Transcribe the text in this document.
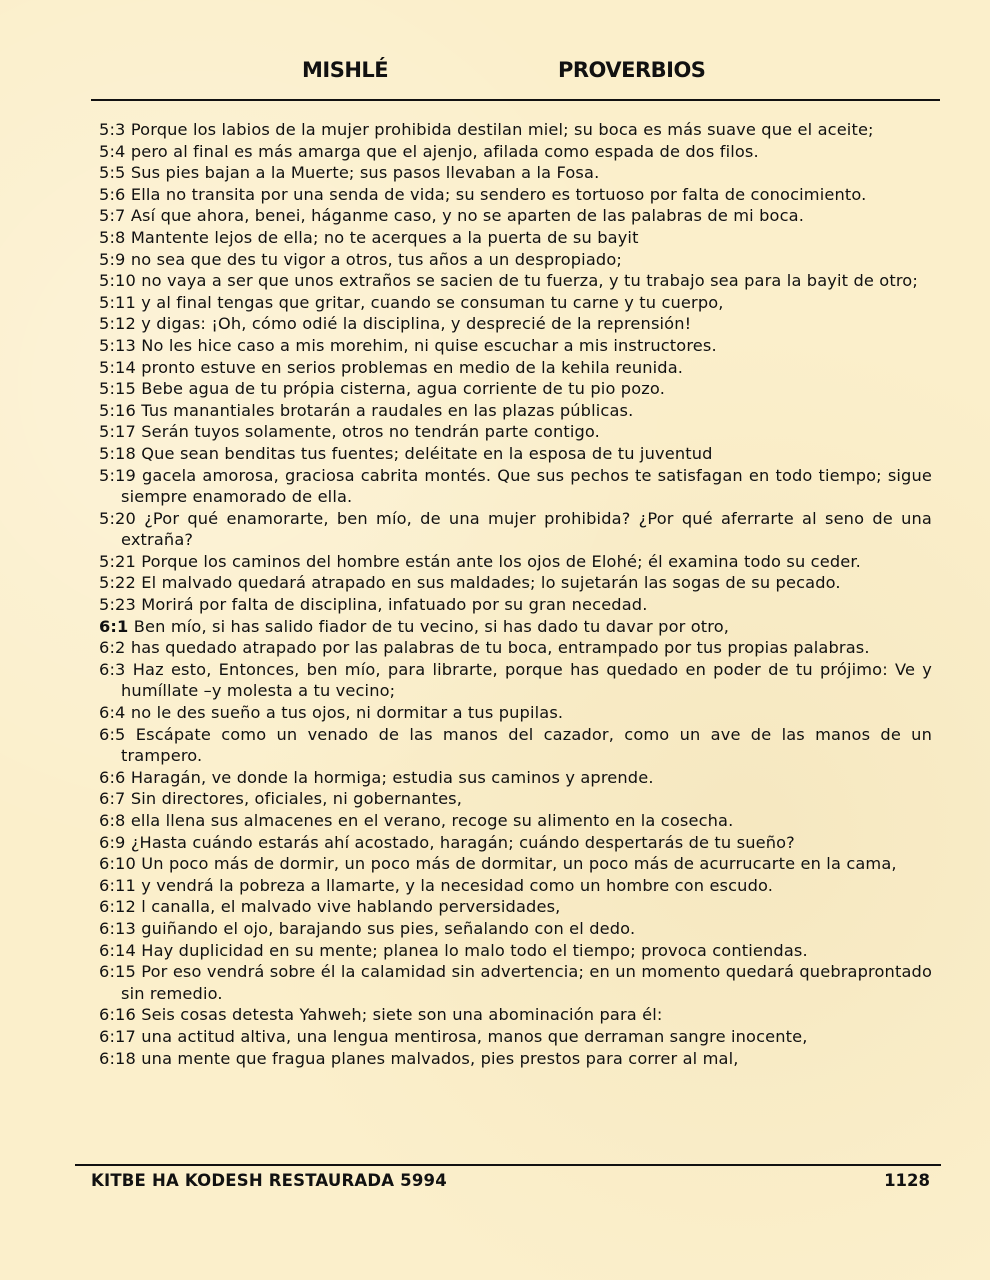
MISHLÉ	PROVERBIOS

5:3 Porque los labios de la mujer prohibida destilan miel; su boca es más suave que el aceite;

5:4 pero al final es más amarga que el ajenjo, afilada como espada de dos filos.

5:5 Sus pies bajan a la Muerte; sus pasos llevaban a la Fosa.

5:6 Ella no transita por una senda de vida; su sendero es tortuoso por falta de conocimiento.

5:7 Así que ahora, benei, háganme caso, y no se aparten de las palabras de mi boca.

5:8 Mantente lejos de ella; no te acerques a la puerta de su bayit

5:9 no sea que des tu vigor a otros, tus años a un despropiado;

5:10 no vaya a ser que unos extraños se sacien de tu fuerza, y tu trabajo sea para la bayit de otro;

5:11 y al final tengas que gritar, cuando se consuman tu carne y tu cuerpo,

5:12 y digas: ¡Oh, cómo odié la disciplina, y desprecié de la reprensión!

5:13 No les hice caso a mis morehim, ni quise escuchar a mis instructores.

5:14 pronto estuve en serios problemas en medio de la kehila reunida.

5:15 Bebe agua de tu própia cisterna, agua corriente de tu pio pozo.

5:16 Tus manantiales brotarán a raudales en las plazas públicas.

5:17 Serán tuyos solamente, otros no tendrán parte contigo.

5:18 Que sean benditas tus fuentes; deléitate en la esposa de tu juventud

5:19 gacela amorosa, graciosa cabrita montés. Que sus pechos te satisfagan en todo tiempo; sigue siempre enamorado de ella.

5:20 ¿Por qué enamorarte, ben mío, de una mujer prohibida? ¿Por qué aferrarte al seno de una extraña?

5:21 Porque los caminos del hombre están ante los ojos de Elohé; él examina todo su ceder.

5:22 El malvado quedará atrapado en sus maldades; lo sujetarán las sogas de su pecado.

5:23 Morirá por falta de disciplina, infatuado por su gran necedad.

6:1 Ben mío, si has salido fiador de tu vecino, si has dado tu davar por otro,

6:2 has quedado atrapado por las palabras de tu boca, entrampado por tus propias palabras.

6:3 Haz esto, Entonces, ben mío, para librarte, porque has quedado en poder de tu prójimo: Ve y humíllate –y molesta a tu vecino;

6:4 no le des sueño a tus ojos, ni dormitar a tus pupilas.

6:5 Escápate como un venado de las manos del cazador, como un ave de las manos de un trampero.

6:6 Haragán, ve donde la hormiga; estudia sus caminos y aprende.

6:7 Sin directores, oficiales, ni gobernantes,

6:8 ella llena sus almacenes en el verano, recoge su alimento en la cosecha.

6:9 ¿Hasta cuándo estarás ahí acostado, haragán; cuándo despertarás de tu sueño?

6:10 Un poco más de dormir, un poco más de dormitar, un poco más de acurrucarte en la cama,

6:11 y vendrá la pobreza a llamarte, y la necesidad como un hombre con escudo.

6:12 l canalla, el malvado vive hablando perversidades,

6:13 guiñando el ojo, barajando sus pies, señalando con el dedo.

6:14 Hay duplicidad en su mente; planea lo malo todo el tiempo; provoca contiendas.

6:15 Por eso vendrá sobre él la calamidad sin advertencia; en un momento quedará quebraprontado sin remedio.

6:16 Seis cosas detesta Yahweh; siete son una abominación para él:

6:17 una actitud altiva, una lengua mentirosa, manos que derraman sangre inocente,

6:18 una mente que fragua planes malvados, pies prestos para correr al mal,

KITBE HA KODESH RESTAURADA 5994	1128
